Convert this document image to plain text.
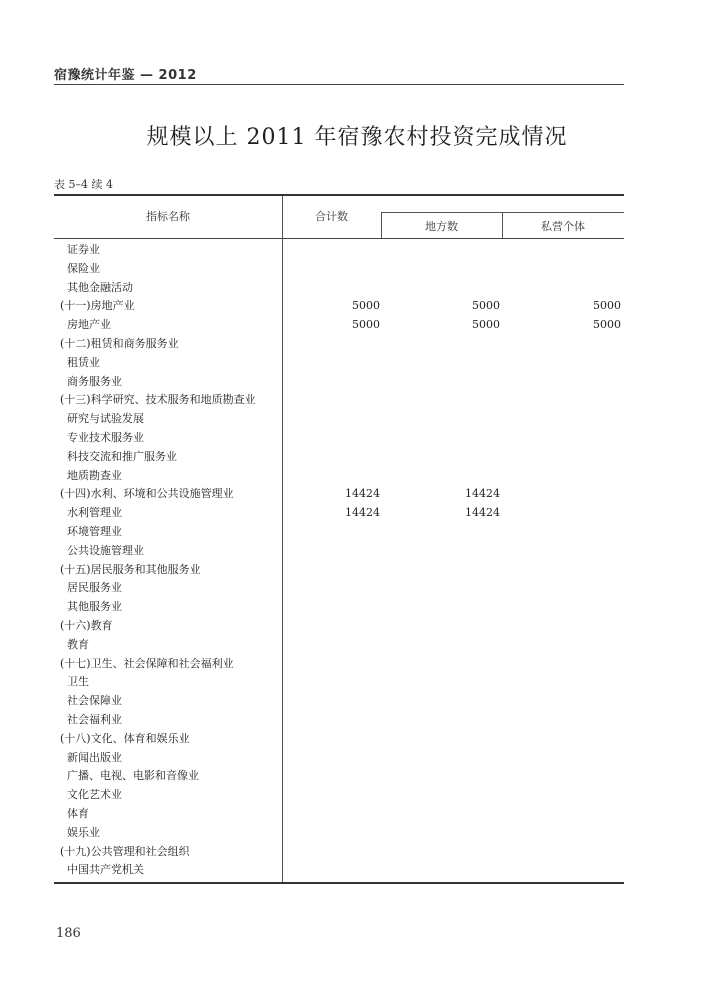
宿豫统计年鉴 — 2012
规模以上 2011 年宿豫农村投资完成情况
表 5–4 续 4
指标名称	合计数
地方数	私营个体
证券业
保险业
其他金融活动
(十一)房地产业	5000	5000	5000
房地产业	5000	5000	5000
(十二)租赁和商务服务业
租赁业
商务服务业
(十三)科学研究、技术服务和地质勘查业
研究与试验发展
专业技术服务业
科技交流和推广服务业
地质勘查业
(十四)水利、环境和公共设施管理业	14424	14424
水利管理业	14424	14424
环境管理业
公共设施管理业
(十五)居民服务和其他服务业
居民服务业
其他服务业
(十六)教育
教育
(十七)卫生、社会保障和社会福利业
卫生
社会保障业
社会福利业
(十八)文化、体育和娱乐业
新闻出版业
广播、电视、电影和音像业
文化艺术业
体育
娱乐业
(十九)公共管理和社会组织
中国共产党机关
186
